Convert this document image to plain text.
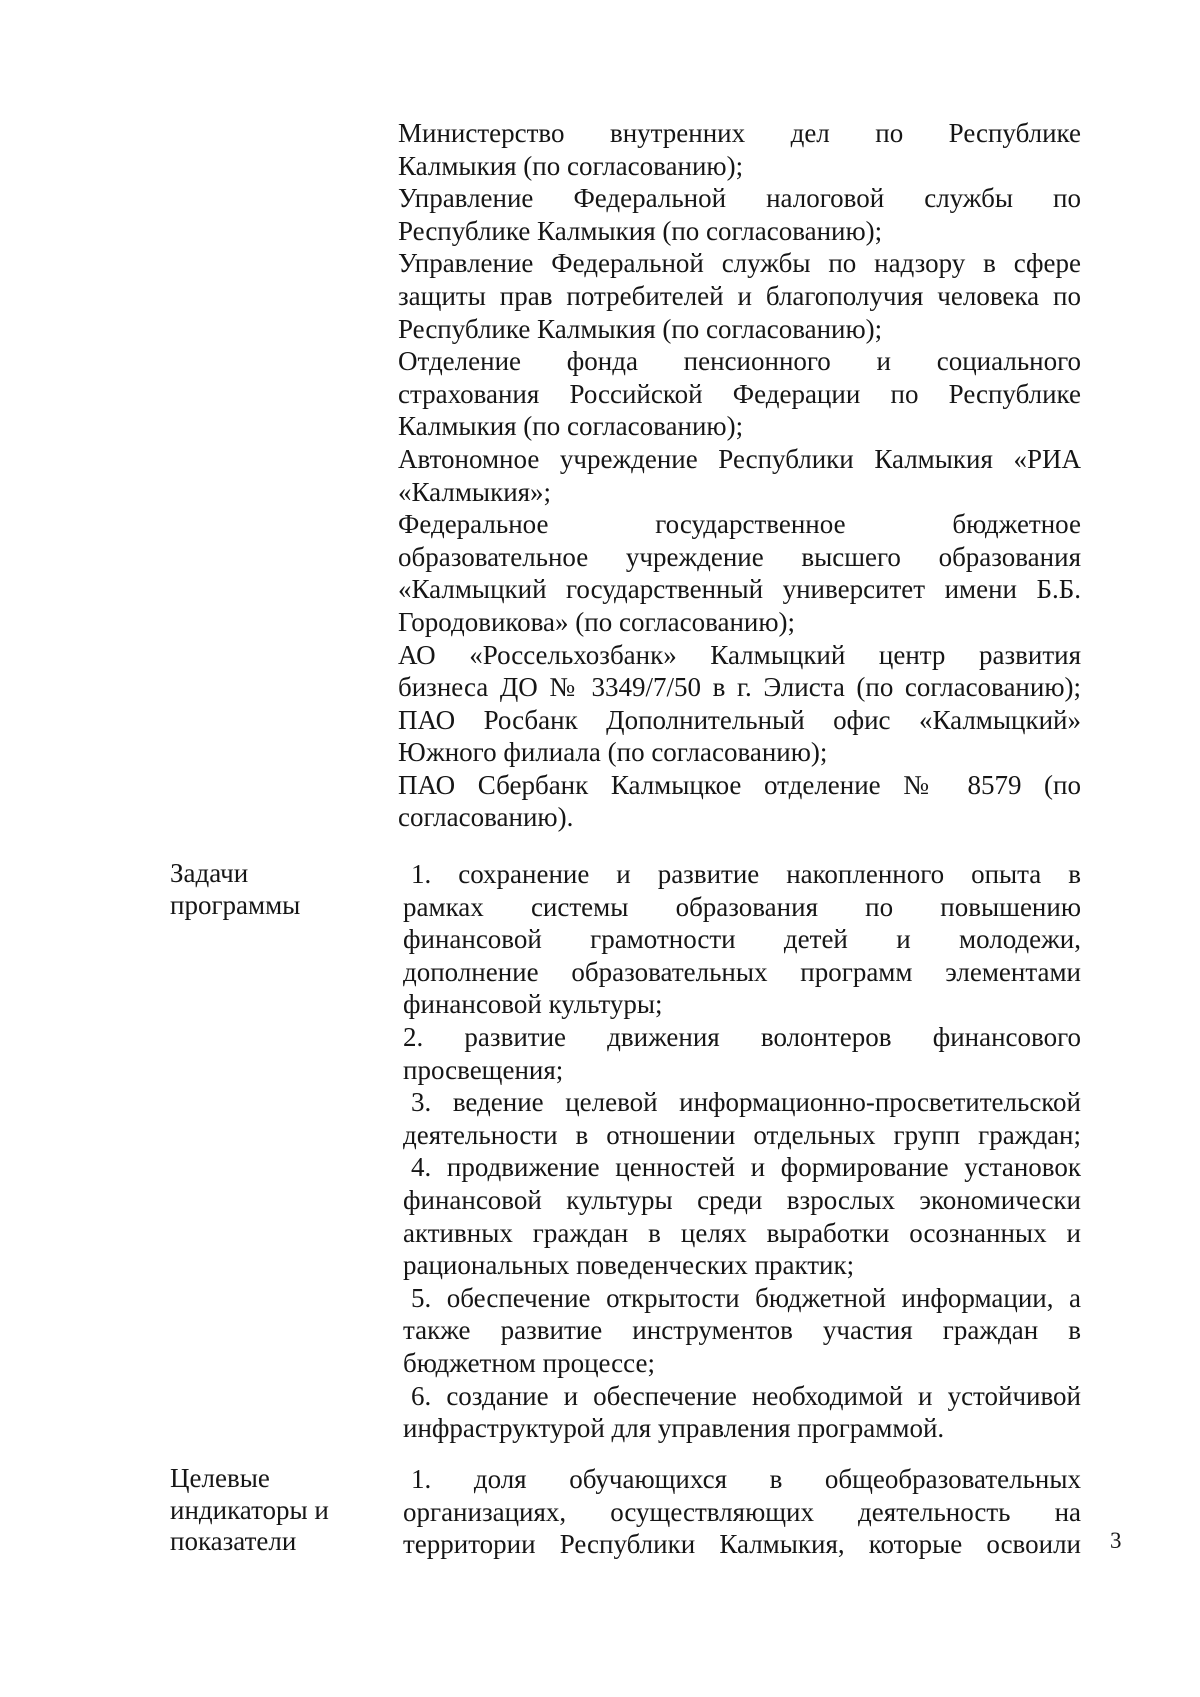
Министерство внутренних дел по Республике
Калмыкия (по согласованию);
Управление Федеральной налоговой службы по
Республике Калмыкия (по согласованию);
Управление Федеральной службы по надзору в сфере
защиты прав потребителей и благополучия человека по
Республике Калмыкия (по согласованию);
Отделение фонда пенсионного и социального
страхования Российской Федерации по Республике
Калмыкия (по согласованию);
Автономное учреждение Республики Калмыкия «РИА
«Калмыкия»;
Федеральное государственное бюджетное
образовательное учреждение высшего образования
«Калмыцкий государственный университет имени Б.Б.
Городовикова» (по согласованию);
АО «Россельхозбанк» Калмыцкий центр развития
бизнеса ДО № 3349/7/50 в г. Элиста (по согласованию);
ПАО Росбанк Дополнительный офис «Калмыцкий»
Южного филиала (по согласованию);
ПАО Сбербанк Калмыцкое отделение № 8579 (по
согласованию).
Задачи
программы
1. сохранение и развитие накопленного опыта в
рамках системы образования по повышению
финансовой грамотности детей и молодежи,
дополнение образовательных программ элементами
финансовой культуры;
2. развитие движения волонтеров финансового
просвещения;
3. ведение целевой информационно-просветительской
деятельности в отношении отдельных групп граждан;
4. продвижение ценностей и формирование установок
финансовой культуры среди взрослых экономически
активных граждан в целях выработки осознанных и
рациональных поведенческих практик;
5. обеспечение открытости бюджетной информации, а
также развитие инструментов участия граждан в
бюджетном процессе;
6. создание и обеспечение необходимой и устойчивой
инфраструктурой для управления программой.
Целевые
индикаторы и
показатели
1. доля обучающихся в общеобразовательных
организациях, осуществляющих деятельность на
территории Республики Калмыкия, которые освоили 3
